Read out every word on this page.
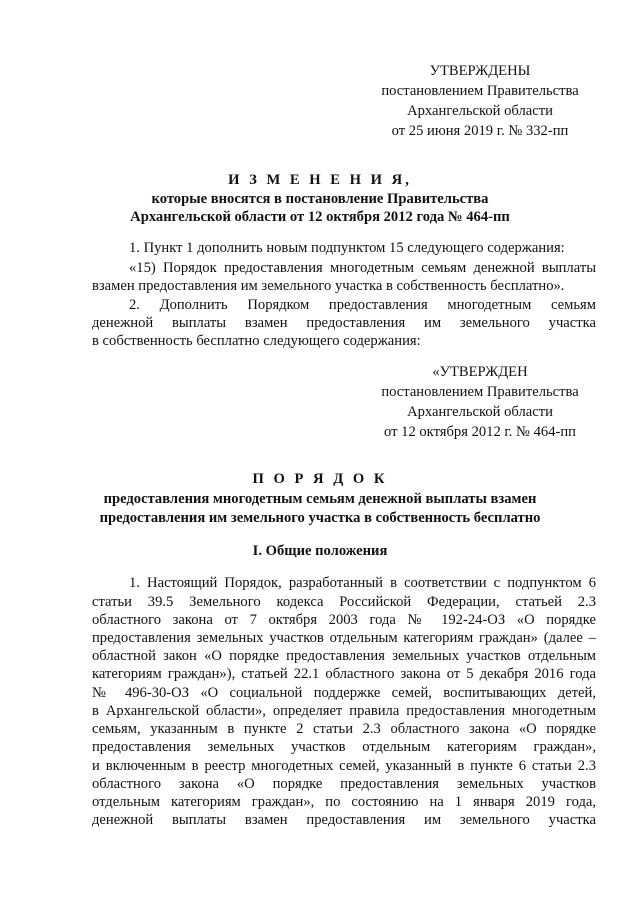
УТВЕРЖДЕНЫ
постановлением Правительства
Архангельской области
от 25 июня 2019 г. № 332-пп
И З М Е Н Е Н И Я,
которые вносятся в постановление Правительства
Архангельской области от 12 октября 2012 года № 464-пп
1. Пункт 1 дополнить новым подпунктом 15 следующего содержания:
«15) Порядок предоставления многодетным семьям денежной выплаты
взамен предоставления им земельного участка в собственность бесплатно».
2. Дополнить Порядком предоставления многодетным семьям
денежной выплаты взамен предоставления им земельного участка
в собственность бесплатно следующего содержания:
«УТВЕРЖДЕН
постановлением Правительства
Архангельской области
от 12 октября 2012 г. № 464-пп
П О Р Я Д О К
предоставления многодетным семьям денежной выплаты взамен
предоставления им земельного участка в собственность бесплатно
I. Общие положения
1. Настоящий Порядок, разработанный в соответствии с подпунктом 6
статьи 39.5 Земельного кодекса Российской Федерации, статьей 2.3
областного закона от 7 октября 2003 года № 192-24-ОЗ «О порядке
предоставления земельных участков отдельным категориям граждан» (далее –
областной закон «О порядке предоставления земельных участков отдельным
категориям граждан»), статьей 22.1 областного закона от 5 декабря 2016 года
№ 496-30-ОЗ «О социальной поддержке семей, воспитывающих детей,
в Архангельской области», определяет правила предоставления многодетным
семьям, указанным в пункте 2 статьи 2.3 областного закона «О порядке
предоставления земельных участков отдельным категориям граждан»,
и включенным в реестр многодетных семей, указанный в пункте 6 статьи 2.3
областного закона «О порядке предоставления земельных участков
отдельным категориям граждан», по состоянию на 1 января 2019 года,
денежной выплаты взамен предоставления им земельного участка
